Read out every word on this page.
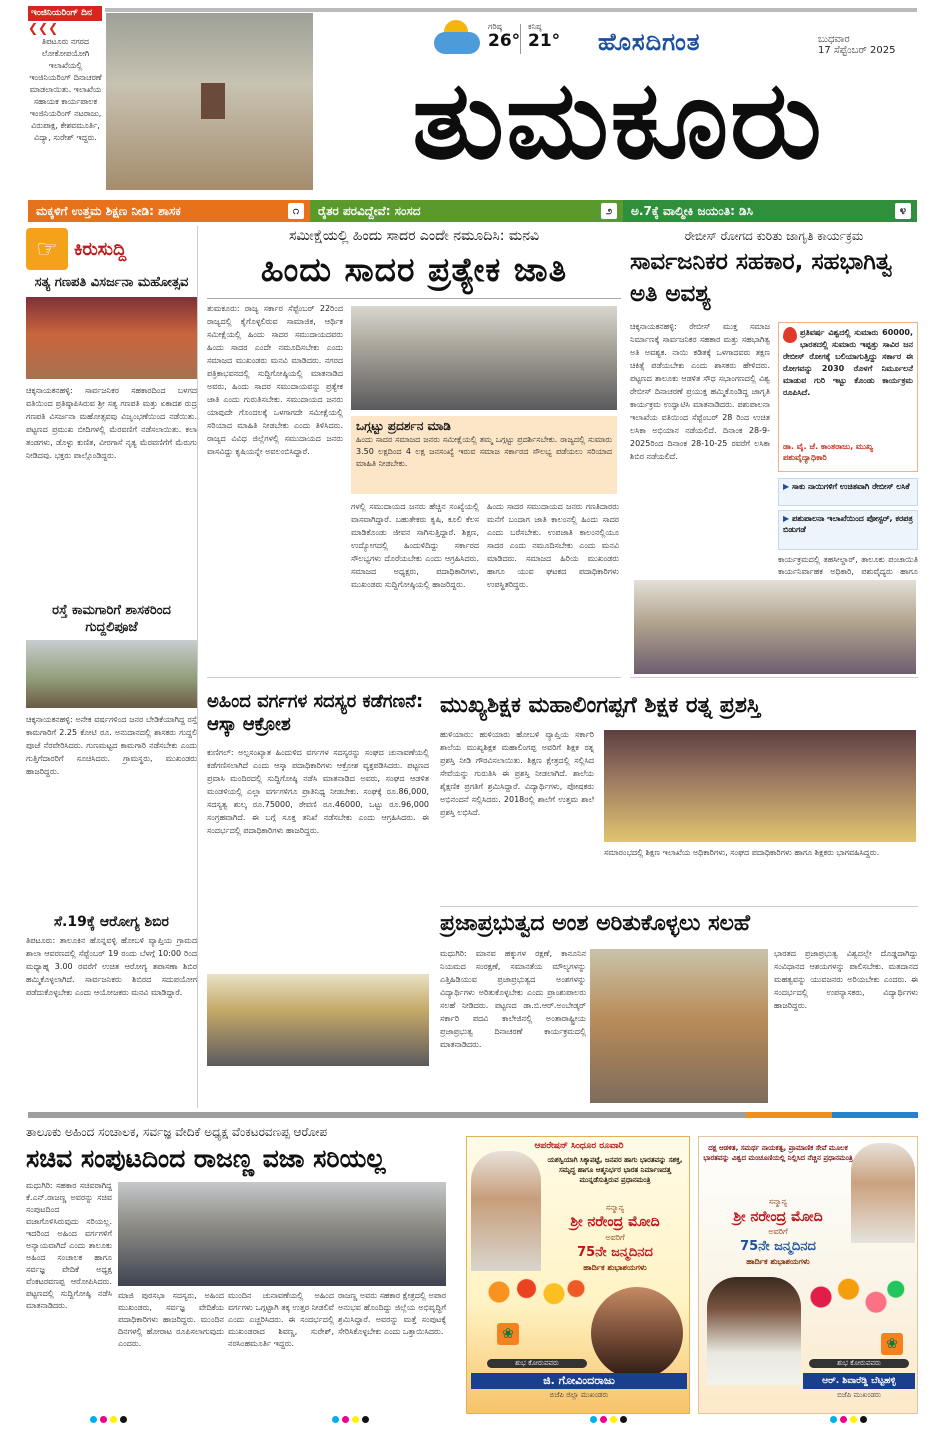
ಇಂಜಿನಿಯರಿಂಗ್ ದಿನ
❮❮❮
ತಿಪಟೂರು ನಗರದ ಲೋಕೋಪಯೋಗಿ ಇಲಾಖೆಯಲ್ಲಿ ಇಂಜಿನಿಯರಿಂಗ್ ದಿನಾಚರಣೆ ಮಾಡಲಾಯಿತು. ಇಲಾಖೆಯ ಸಹಾಯಕ ಕಾರ್ಯಪಾಲಕ ಇಂಜಿನಿಯರಿಂಗ್ ನಟರಾಜು, ವಿರುಪಾಕ್ಷ, ಕೇಶವಮೂರ್ತಿ, ವಿದ್ಯಾ, ಸುರೇಶ್ ಇದ್ದರು.
ಗರಿಷ್ಠ
26°
ಕನಿಷ್ಠ
21° ಹೊಸದಿಗಂತ	ಬುಧವಾರ
17 ಸೆಪ್ಟೆಂಬರ್ 2025
ತುಮಕೂರು
ಮಕ್ಕಳಿಗೆ ಉತ್ತಮ ಶಿಕ್ಷಣ ನೀಡಿ: ಶಾಸಕ	೧	ರೈತರ ಪರವಿದ್ದೇವೆ: ಸಂಸದ	೨	ಅ.7ಕ್ಕೆ ವಾಲ್ಮೀಕಿ ಜಯಂತಿ: ಡಿಸಿ	೪
☞ ಕಿರುಸುದ್ದಿ
ಸತ್ಯ ಗಣಪತಿ ವಿಸರ್ಜನಾ ಮಹೋತ್ಸವ
ಚಿಕ್ಕನಾಯಕನಹಳ್ಳಿ: ಸಾರ್ವಜನಿಕರ ಸಹಕಾರದಿಂದ ಬಳಗದ ವತಿಯಿಂದ ಪ್ರತಿಷ್ಠಾಪಿಸಿರುವ ಶ್ರೀ ಸತ್ಯ ಗಣಪತಿ ಮತ್ತು ಏಕಾದಶ ರುದ್ರ ಗಣಪತಿ ವಿಸರ್ಜನಾ ಮಹೋತ್ಸವವು ವಿಜೃಂಭಣೆಯಿಂದ ನಡೆಯಿತು. ಪಟ್ಟಣದ ಪ್ರಮುಖ ಬೀದಿಗಳಲ್ಲಿ ಮೆರವಣಿಗೆ ನಡೆಸಲಾಯಿತು. ಕಲಾ ತಂಡಗಳು, ಡೊಳ್ಳು ಕುಣಿತ, ವೀರಗಾಸೆ ನೃತ್ಯ ಮೆರವಣಿಗೆಗೆ ಮೆರುಗು ನೀಡಿದವು. ಭಕ್ತರು ಪಾಲ್ಗೊಂಡಿದ್ದರು.
ರಸ್ತೆ ಕಾಮಗಾರಿಗೆ ಶಾಸಕರಿಂದ ಗುದ್ದಲಿಪೂಜೆ
ಚಿಕ್ಕನಾಯಕನಹಳ್ಳಿ: ಅನೇಕ ವರ್ಷಗಳಿಂದ ಜನರ ಬೇಡಿಕೆಯಾಗಿದ್ದ ರಸ್ತೆ ಕಾಮಗಾರಿಗೆ 2.25 ಕೋಟಿ ರೂ. ಅನುದಾನದಲ್ಲಿ ಶಾಸಕರು ಗುದ್ದಲಿ ಪೂಜೆ ನೆರವೇರಿಸಿದರು. ಗುಣಮಟ್ಟದ ಕಾಮಗಾರಿ ನಡೆಸಬೇಕು ಎಂದು ಗುತ್ತಿಗೆದಾರರಿಗೆ ಸೂಚಿಸಿದರು. ಗ್ರಾಮಸ್ಥರು, ಮುಖಂಡರು ಹಾಜರಿದ್ದರು.
ಸೆ.19ಕ್ಕೆ ಆರೋಗ್ಯ ಶಿಬಿರ
ತಿಪಟೂರು: ತಾಲೂಕಿನ ಹೊನ್ನವಳ್ಳಿ ಹೋಬಳಿ ವ್ಯಾಪ್ತಿಯ ಗ್ರಾಮದ ಶಾಲಾ ಆವರಣದಲ್ಲಿ ಸೆಪ್ಟೆಂಬರ್ 19 ರಂದು ಬೆಳಗ್ಗೆ 10:00 ರಿಂದ ಮಧ್ಯಾಹ್ನ 3.00 ರವರೆಗೆ ಉಚಿತ ಆರೋಗ್ಯ ತಪಾಸಣಾ ಶಿಬಿರ ಹಮ್ಮಿಕೊಳ್ಳಲಾಗಿದೆ. ಸಾರ್ವಜನಿಕರು ಶಿಬಿರದ ಸದುಪಯೋಗ ಪಡೆದುಕೊಳ್ಳಬೇಕು ಎಂದು ಆಯೋಜಕರು ಮನವಿ ಮಾಡಿದ್ದಾರೆ.
ಸಮೀಕ್ಷೆಯಲ್ಲಿ ಹಿಂದು ಸಾದರ ಎಂದೇ ನಮೂದಿಸಿ: ಮನವಿ
ಹಿಂದು ಸಾದರ ಪ್ರತ್ಯೇಕ ಜಾತಿ
ತುಮಕೂರು: ರಾಜ್ಯ ಸರ್ಕಾರ ಸೆಪ್ಟೆಂಬರ್ 22ರಿಂದ ರಾಜ್ಯದಲ್ಲಿ ಕೈಗೊಳ್ಳಲಿರುವ ಸಾಮಾಜಿಕ, ಆರ್ಥಿಕ ಸಮೀಕ್ಷೆಯಲ್ಲಿ ಹಿಂದು ಸಾದರ ಸಮುದಾಯದವರು ಹಿಂದು ಸಾದರ ಎಂದೇ ನಮೂದಿಸಬೇಕು ಎಂದು ಸಮಾಜದ ಮುಖಂಡರು ಮನವಿ ಮಾಡಿದರು. ನಗರದ ಪತ್ರಿಕಾಭವನದಲ್ಲಿ ಸುದ್ದಿಗೋಷ್ಠಿಯಲ್ಲಿ ಮಾತನಾಡಿದ ಅವರು, ಹಿಂದು ಸಾದರ ಸಮುದಾಯವನ್ನು ಪ್ರತ್ಯೇಕ ಜಾತಿ ಎಂದು ಗುರುತಿಸಬೇಕು. ಸಮುದಾಯದ ಜನರು ಯಾವುದೇ ಗೊಂದಲಕ್ಕೆ ಒಳಗಾಗದೇ ಸಮೀಕ್ಷೆಯಲ್ಲಿ ಸರಿಯಾದ ಮಾಹಿತಿ ನೀಡಬೇಕು ಎಂದು ತಿಳಿಸಿದರು. ರಾಜ್ಯದ ವಿವಿಧ ಜಿಲ್ಲೆಗಳಲ್ಲಿ ಸಮುದಾಯದ ಜನರು ವಾಸವಿದ್ದು ಕೃಷಿಯನ್ನೇ ಅವಲಂಬಿಸಿದ್ದಾರೆ.
ಒಗ್ಗಟ್ಟು ಪ್ರದರ್ಶನ ಮಾಡಿ
ಹಿಂದು ಸಾದರ ಸಮಾಜದ ಜನರು ಸಮೀಕ್ಷೆಯಲ್ಲಿ ತಮ್ಮ ಒಗ್ಗಟ್ಟು ಪ್ರದರ್ಶಿಸಬೇಕು. ರಾಜ್ಯದಲ್ಲಿ ಸುಮಾರು 3.50 ಲಕ್ಷದಿಂದ 4 ಲಕ್ಷ ಜನಸಂಖ್ಯೆ ಇರುವ ಸಮಾಜ ಸರ್ಕಾರದ ಸೌಲಭ್ಯ ಪಡೆಯಲು ಸರಿಯಾದ ಮಾಹಿತಿ ನೀಡಬೇಕು.
ಗಳಲ್ಲಿ ಸಮುದಾಯದ ಜನರು ಹೆಚ್ಚಿನ ಸಂಖ್ಯೆಯಲ್ಲಿ ವಾಸವಾಗಿದ್ದಾರೆ. ಬಹುತೇಕರು ಕೃಷಿ, ಕೂಲಿ ಕೆಲಸ ಮಾಡಿಕೊಂಡು ಜೀವನ ಸಾಗಿಸುತ್ತಿದ್ದಾರೆ. ಶಿಕ್ಷಣ, ಉದ್ಯೋಗದಲ್ಲಿ ಹಿಂದುಳಿದಿದ್ದು ಸರ್ಕಾರದ ಸೌಲಭ್ಯಗಳು ದೊರೆಯಬೇಕು ಎಂದು ಆಗ್ರಹಿಸಿದರು. ಸಮಾಜದ ಅಧ್ಯಕ್ಷರು, ಪದಾಧಿಕಾರಿಗಳು, ಮುಖಂಡರು ಸುದ್ದಿಗೋಷ್ಠಿಯಲ್ಲಿ ಹಾಜರಿದ್ದರು.
ಹಿಂದು ಸಾದರ ಸಮುದಾಯದ ಜನರು ಗಣತಿದಾರರು ಮನೆಗೆ ಬಂದಾಗ ಜಾತಿ ಕಾಲಂನಲ್ಲಿ ಹಿಂದು ಸಾದರ ಎಂದು ಬರೆಸಬೇಕು. ಉಪಜಾತಿ ಕಾಲಂನಲ್ಲಿಯೂ ಸಾದರ ಎಂದು ನಮೂದಿಸಬೇಕು ಎಂದು ಮನವಿ ಮಾಡಿದರು. ಸಮಾಜದ ಹಿರಿಯ ಮುಖಂಡರು ಹಾಗೂ ಯುವ ಘಟಕದ ಪದಾಧಿಕಾರಿಗಳು ಉಪಸ್ಥಿತರಿದ್ದರು.
ರೇಬೀಸ್ ರೋಗದ ಕುರಿತು ಜಾಗೃತಿ ಕಾರ್ಯಕ್ರಮ
ಸಾರ್ವಜನಿಕರ ಸಹಕಾರ, ಸಹಭಾಗಿತ್ವ ಅತಿ ಅವಶ್ಯ
ಚಿಕ್ಕನಾಯಕನಹಳ್ಳಿ: ರೇಬೀಸ್ ಮುಕ್ತ ಸಮಾಜ ನಿರ್ಮಾಣಕ್ಕೆ ಸಾರ್ವಜನಿಕರ ಸಹಕಾರ ಮತ್ತು ಸಹಭಾಗಿತ್ವ ಅತಿ ಅವಶ್ಯಕ. ನಾಯಿ ಕಡಿತಕ್ಕೆ ಒಳಗಾದವರು ತಕ್ಷಣ ಚಿಕಿತ್ಸೆ ಪಡೆಯಬೇಕು ಎಂದು ಶಾಸಕರು ಹೇಳಿದರು. ಪಟ್ಟಣದ ತಾಲೂಕು ಆಡಳಿತ ಸೌಧ ಸಭಾಂಗಣದಲ್ಲಿ ವಿಶ್ವ ರೇಬೀಸ್ ದಿನಾಚರಣೆ ಪ್ರಯುಕ್ತ ಹಮ್ಮಿಕೊಂಡಿದ್ದ ಜಾಗೃತಿ ಕಾರ್ಯಕ್ರಮ ಉದ್ಘಾಟಿಸಿ ಮಾತನಾಡಿದರು. ಪಶುಪಾಲನಾ ಇಲಾಖೆಯ ವತಿಯಿಂದ ಸೆಪ್ಟೆಂಬರ್ 28 ರಿಂದ ಉಚಿತ ಲಸಿಕಾ ಅಭಿಯಾನ ನಡೆಯಲಿದೆ. ದಿನಾಂಕ 28-9-2025ರಿಂದ ದಿನಾಂಕ 28-10-25 ರವರೆಗೆ ಲಸಿಕಾ ಶಿಬಿರ ನಡೆಯಲಿದೆ.
ಪ್ರತಿವರ್ಷ ವಿಶ್ವದಲ್ಲಿ ಸುಮಾರು 60000, ಭಾರತದಲ್ಲಿ ಸುಮಾರು ಇಪ್ಪತ್ತು ಸಾವಿರ ಜನ ರೇಬೀಸ್ ರೋಗಕ್ಕೆ ಬಲಿಯಾಗುತ್ತಿದ್ದು ಸರ್ಕಾರ ಈ ರೋಗವನ್ನು 2030 ರೊಳಗೆ ನಿರ್ಮೂಲನೆ ಮಾಡುವ ಗುರಿ ಇಟ್ಟು ಕೊಂಡು ಕಾರ್ಯಕ್ರಮ ರೂಪಿಸಿದೆ.
ಡಾ. ವೈ. ಜೆ. ಕಾಂತರಾಜು, ಮುಖ್ಯ ಪಶುವೈದ್ಯಾಧಿಕಾರಿ
▶ ಸಾಕು ನಾಯಿಗಳಿಗೆ ಉಚಿತವಾಗಿ ರೇಬೀಸ್ ಲಸಿಕೆ
▶ ಪಶುಪಾಲನಾ ಇಲಾಖೆಯಿಂದ ಪೋಸ್ಟರ್, ಕರಪತ್ರ ಬಿಡುಗಡೆ
ಕಾರ್ಯಕ್ರಮದಲ್ಲಿ ತಹಸೀಲ್ದಾರ್, ತಾಲೂಕು ಪಂಚಾಯಿತಿ ಕಾರ್ಯನಿರ್ವಾಹಕ ಅಧಿಕಾರಿ, ಪಶುವೈದ್ಯರು ಹಾಗೂ
ಅಹಿಂದ ವರ್ಗಗಳ ಸದಸ್ಯರ ಕಡೆಗಣನೆ: ಆಸ್ಕಾ ಆಕ್ರೋಶ
ಕುಣಿಗಲ್: ಅಲ್ಪಸಂಖ್ಯಾತ ಹಿಂದುಳಿದ ವರ್ಗಗಳ ಸದಸ್ಯರನ್ನು ಸಂಘದ ಚುನಾವಣೆಯಲ್ಲಿ ಕಡೆಗಣಿಸಲಾಗಿದೆ ಎಂದು ಆಸ್ಕಾ ಪದಾಧಿಕಾರಿಗಳು ಆಕ್ರೋಶ ವ್ಯಕ್ತಪಡಿಸಿದರು. ಪಟ್ಟಣದ ಪ್ರವಾಸಿ ಮಂದಿರದಲ್ಲಿ ಸುದ್ದಿಗೋಷ್ಠಿ ನಡೆಸಿ ಮಾತನಾಡಿದ ಅವರು, ಸಂಘದ ಆಡಳಿತ ಮಂಡಳಿಯಲ್ಲಿ ಎಲ್ಲಾ ವರ್ಗಗಳಿಗೂ ಪ್ರಾತಿನಿಧ್ಯ ನೀಡಬೇಕು. ಸಂಘಕ್ಕೆ ರೂ.86,000, ಸದಸ್ಯತ್ವ ಶುಲ್ಕ ರೂ.75000, ಠೇವಣಿ ರೂ.46000, ಒಟ್ಟು ರೂ.96,000 ಸಂಗ್ರಹವಾಗಿದೆ. ಈ ಬಗ್ಗೆ ಸೂಕ್ತ ತನಿಖೆ ನಡೆಸಬೇಕು ಎಂದು ಆಗ್ರಹಿಸಿದರು. ಈ ಸಂದರ್ಭದಲ್ಲಿ ಪದಾಧಿಕಾರಿಗಳು ಹಾಜರಿದ್ದರು.
ಮುಖ್ಯಶಿಕ್ಷಕ ಮಹಾಲಿಂಗಪ್ಪಗೆ ಶಿಕ್ಷಕ ರತ್ನ ಪ್ರಶಸ್ತಿ
ಹುಳಿಯಾರು: ಹುಳಿಯಾರು ಹೋಬಳಿ ವ್ಯಾಪ್ತಿಯ ಸರ್ಕಾರಿ ಶಾಲೆಯ ಮುಖ್ಯಶಿಕ್ಷಕ ಮಹಾಲಿಂಗಪ್ಪ ಅವರಿಗೆ ಶಿಕ್ಷಕ ರತ್ನ ಪ್ರಶಸ್ತಿ ನೀಡಿ ಗೌರವಿಸಲಾಯಿತು. ಶಿಕ್ಷಣ ಕ್ಷೇತ್ರದಲ್ಲಿ ಸಲ್ಲಿಸಿದ ಸೇವೆಯನ್ನು ಗುರುತಿಸಿ ಈ ಪ್ರಶಸ್ತಿ ನೀಡಲಾಗಿದೆ. ಶಾಲೆಯ ಶೈಕ್ಷಣಿಕ ಪ್ರಗತಿಗೆ ಶ್ರಮಿಸಿದ್ದಾರೆ. ವಿದ್ಯಾರ್ಥಿಗಳು, ಪೋಷಕರು ಅಭಿನಂದನೆ ಸಲ್ಲಿಸಿದರು. 2018ರಲ್ಲಿ ಶಾಲೆಗೆ ಉತ್ತಮ ಶಾಲೆ ಪ್ರಶಸ್ತಿ ಲಭಿಸಿದೆ.
ಸಮಾರಂಭದಲ್ಲಿ ಶಿಕ್ಷಣ ಇಲಾಖೆಯ ಅಧಿಕಾರಿಗಳು, ಸಂಘದ ಪದಾಧಿಕಾರಿಗಳು ಹಾಗೂ ಶಿಕ್ಷಕರು ಭಾಗವಹಿಸಿದ್ದರು.
ಪ್ರಜಾಪ್ರಭುತ್ವದ ಅಂಶ ಅರಿತುಕೊಳ್ಳಲು ಸಲಹೆ
ಮಧುಗಿರಿ: ಮಾನವ ಹಕ್ಕುಗಳ ರಕ್ಷಣೆ, ಕಾನೂನಿನ ನಿಯಮದ ಸಂರಕ್ಷಣೆ, ಸಮಾನತೆಯ ಮೌಲ್ಯಗಳನ್ನು ಎತ್ತಿಹಿಡಿಯುವ ಪ್ರಜಾಪ್ರಭುತ್ವದ ಅಂಶಗಳನ್ನು ವಿದ್ಯಾರ್ಥಿಗಳು ಅರಿತುಕೊಳ್ಳಬೇಕು ಎಂದು ಪ್ರಾಂಶುಪಾಲರು ಸಲಹೆ ನೀಡಿದರು. ಪಟ್ಟಣದ ಡಾ.ಬಿ.ಆರ್.ಅಂಬೇಡ್ಕರ್ ಸರ್ಕಾರಿ ಪದವಿ ಕಾಲೇಜಿನಲ್ಲಿ ಅಂತಾರಾಷ್ಟ್ರೀಯ ಪ್ರಜಾಪ್ರಭುತ್ವ ದಿನಾಚರಣೆ ಕಾರ್ಯಕ್ರಮದಲ್ಲಿ ಮಾತನಾಡಿದರು.
ಭಾರತದ ಪ್ರಜಾಪ್ರಭುತ್ವ ವಿಶ್ವದಲ್ಲೇ ದೊಡ್ಡದಾಗಿದ್ದು ಸಂವಿಧಾನದ ಆಶಯಗಳನ್ನು ಪಾಲಿಸಬೇಕು. ಮತದಾನದ ಮಹತ್ವವನ್ನು ಯುವಜನರು ಅರಿಯಬೇಕು ಎಂದರು. ಈ ಸಂದರ್ಭದಲ್ಲಿ ಉಪನ್ಯಾಸಕರು, ವಿದ್ಯಾರ್ಥಿಗಳು ಹಾಜರಿದ್ದರು.
ತಾಲೂಕು ಅಹಿಂದ ಸಂಚಾಲಕ, ಸರ್ವಜ್ಞ ವೇದಿಕೆ ಅಧ್ಯಕ್ಷ ವೆಂಕಟರವಣಪ್ಪ ಆರೋಪ
ಸಚಿವ ಸಂಪುಟದಿಂದ ರಾಜಣ್ಣ ವಜಾ ಸರಿಯಲ್ಲ
ಮಧುಗಿರಿ: ಸಹಕಾರ ಸಚಿವರಾಗಿದ್ದ ಕೆ.ಎನ್.ರಾಜಣ್ಣ ಅವರನ್ನು ಸಚಿವ ಸಂಪುಟದಿಂದ ವಜಾಗೊಳಿಸಿರುವುದು ಸರಿಯಲ್ಲ. ಇದರಿಂದ ಅಹಿಂದ ವರ್ಗಗಳಿಗೆ ಅನ್ಯಾಯವಾಗಿದೆ ಎಂದು ತಾಲೂಕು ಅಹಿಂದ ಸಂಚಾಲಕ ಹಾಗೂ ಸರ್ವಜ್ಞ ವೇದಿಕೆ ಅಧ್ಯಕ್ಷ ವೆಂಕಟರವಣಪ್ಪ ಆರೋಪಿಸಿದರು. ಪಟ್ಟಣದಲ್ಲಿ ಸುದ್ದಿಗೋಷ್ಠಿ ನಡೆಸಿ ಮಾತನಾಡಿದರು.
ಮಾಜಿ ಪುರಸಭಾ ಸದಸ್ಯರು, ಅಹಿಂದ ಮುಖಂಡರು, ಸರ್ವಜ್ಞ ವೇದಿಕೆಯ ಪದಾಧಿಕಾರಿಗಳು ಹಾಜರಿದ್ದರು. ಮುಂದಿನ ದಿನಗಳಲ್ಲಿ ಹೋರಾಟ ರೂಪಿಸಲಾಗುವುದು ಎಂದರು.
ಮುಂದಿನ ಚುನಾವಣೆಯಲ್ಲಿ ಅಹಿಂದ ವರ್ಗಗಳು ಒಗ್ಗಟ್ಟಾಗಿ ತಕ್ಕ ಉತ್ತರ ನೀಡಲಿವೆ ಎಂದು ಎಚ್ಚರಿಸಿದರು. ಈ ಸಂದರ್ಭದಲ್ಲಿ ಮುಖಂಡರಾದ ಶಿವಣ್ಣ, ಸುರೇಶ್, ನರಸಿಂಹಮೂರ್ತಿ ಇದ್ದರು.
ರಾಜಣ್ಣ ಅವರು ಸಹಕಾರ ಕ್ಷೇತ್ರದಲ್ಲಿ ಅಪಾರ ಅನುಭವ ಹೊಂದಿದ್ದು ಜಿಲ್ಲೆಯ ಅಭಿವೃದ್ಧಿಗೆ ಶ್ರಮಿಸಿದ್ದಾರೆ. ಅವರನ್ನು ಮತ್ತೆ ಸಂಪುಟಕ್ಕೆ ಸೇರಿಸಿಕೊಳ್ಳಬೇಕು ಎಂದು ಒತ್ತಾಯಿಸಿದರು.
ಆಪರೇಷನ್ ಸಿಂಧೂರ ರೂವಾರಿ
ಯಶಸ್ವಿಯಾಗಿ ಸಿಕ್ಕಾಪಟ್ಟೆ, ಜನಪರ ಹಾಗು ಭಾರತವನ್ನು ಸಶಕ್ತ, ಸಮೃದ್ಧ ಹಾಗೂ ಆತ್ಮನಿರ್ಭರ ಭಾರತ ನಿರ್ಮಾಣದತ್ತ ಮುನ್ನಡೆಸುತ್ತಿರುವ ಪ್ರಧಾನಮಂತ್ರಿ
ಸನ್ಮಾನ್ಯ
ಶ್ರೀ ನರೇಂದ್ರ ಮೋದಿ
ಅವರಿಗೆ
75ನೇ ಜನ್ಮದಿನದ
ಹಾರ್ದಿಕ ಶುಭಾಶಯಗಳು
❀
ಶುಭ ಕೋರುವವರು
ಜಿ. ಗೋವಿಂದರಾಜು
ಬಿಜೆಪಿ ಜಿಲ್ಲಾ ಮುಖಂಡರು
ದಕ್ಷ ಆಡಳಿತ, ಸಮರ್ಥ ನಾಯಕತ್ವ, ಪ್ರಾಮಾಣಿಕ ಸೇವೆ ಮೂಲಕ ಭಾರತವನ್ನು ವಿಶ್ವದ ಮಂಚೂಣಿಯಲ್ಲಿ ನಿಲ್ಲಿಸಿದ ನೆಚ್ಚಿನ ಪ್ರಧಾನಮಂತ್ರಿ
ಸನ್ಮಾನ್ಯ
ಶ್ರೀ ನರೇಂದ್ರ ಮೋದಿ
ಅವರಿಗೆ
75ನೇ ಜನ್ಮದಿನದ
ಹಾರ್ದಿಕ ಶುಭಾಶಯಗಳು
❀
ಶುಭ ಕೋರುವವರು
ಆರ್. ಶಿವಾರೆಡ್ಡಿ ಬೆಟ್ಟಹಳ್ಳಿ
ಬಿಜೆಪಿ ಮುಖಂಡರು
